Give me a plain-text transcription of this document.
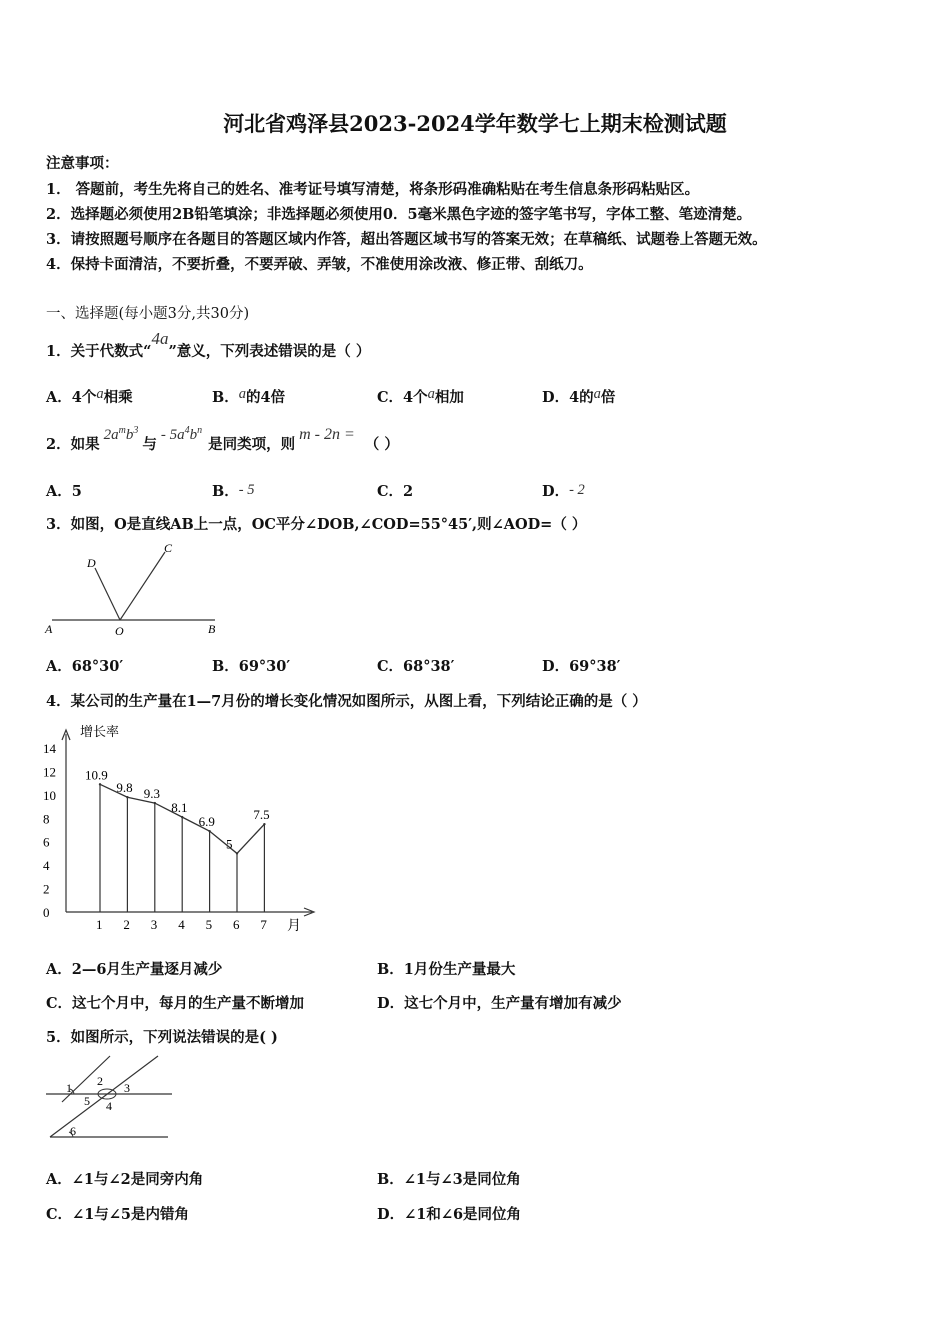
河北省鸡泽县2023-2024学年数学七上期末检测试题
注意事项：
1． 答题前，考生先将自己的姓名、准考证号填写清楚，将条形码准确粘贴在考生信息条形码粘贴区。
2．选择题必须使用2B铅笔填涂；非选择题必须使用0．5毫米黑色字迹的签字笔书写，字体工整、笔迹清楚。
3．请按照题号顺序在各题目的答题区域内作答，超出答题区域书写的答案无效；在草稿纸、试题卷上答题无效。
4．保持卡面清洁，不要折叠，不要弄破、弄皱，不准使用涂改液、修正带、刮纸刀。
一、选择题(每小题3分,共30分)
1．关于代数式“4a”意义，下列表述错误的是（ ）
A．4个a相乘	B．a的4倍	C．4个a相加	D．4的a倍
2．如果$2a^mb^3$与- $5a^4b^n$是同类项，则m - 2n =（ ）
A．5	B．- 5	C．2	D．- 2
3．如图，O是直线AB上一点，OC平分∠DOB,∠COD=55°45′,则∠AOD=（ ）
A	O	B
C
D
A．68°30′	B．69°30′	C．68°38′	D．69°38′
4．某公司的生产量在1—7月份的增长变化情况如图所示，从图上看，下列结论正确的是（ ）
10.9
9.8 9.3
8.1
6.9
5
7.5
0
2
4
6
8
10
12
14
1 2 3 4 5 6 7
增长率
月
A．2—6月生产量逐月减少	B．1月份生产量最大
C．这七个月中，每月的生产量不断增加	D．这七个月中，生产量有增加有减少
5．如图所示，下列说法错误的是( )
1 2 3
4
5
6
A．∠1与∠2是同旁内角	B．∠1与∠3是同位角
C．∠1与∠5是内错角	D．∠1和∠6是同位角
